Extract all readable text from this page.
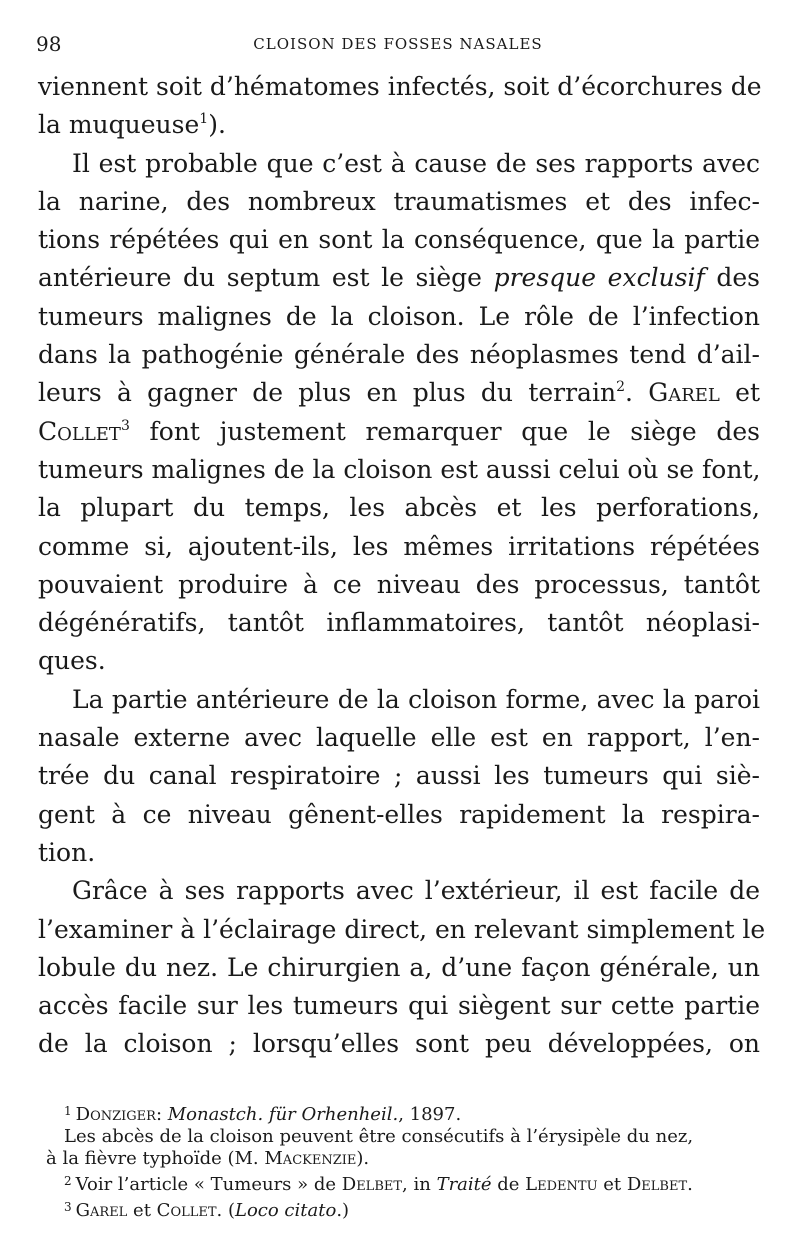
98	CLOISON DES FOSSES NASALES

viennent soit d’hématomes infectés, soit d’écorchures de
la muqueuse$^1$).

Il est probable que c’est à cause de ses rapports avec
la narine, des nombreux traumatismes et des infec-
tions répétées qui en sont la conséquence, que la partie
antérieure du septum est le siège presque exclusif des
tumeurs malignes de la cloison. Le rôle de l’infection
dans la pathogénie générale des néoplasmes tend d’ail-
leurs à gagner de plus en plus du terrain$^2$. Garel et
Collet$^3$ font justement remarquer que le siège des
tumeurs malignes de la cloison est aussi celui où se font,
la plupart du temps, les abcès et les perforations,
comme si, ajoutent-ils, les mêmes irritations répétées
pouvaient produire à ce niveau des processus, tantôt
dégénératifs, tantôt inflammatoires, tantôt néoplasi-
ques.

La partie antérieure de la cloison forme, avec la paroi
nasale externe avec laquelle elle est en rapport, l’en-
trée du canal respiratoire ; aussi les tumeurs qui siè-
gent à ce niveau gênent-elles rapidement la respira-
tion.

Grâce à ses rapports avec l’extérieur, il est facile de
l’examiner à l’éclairage direct, en relevant simplement le
lobule du nez. Le chirurgien a, d’une façon générale, un
accès facile sur les tumeurs qui siègent sur cette partie
de la cloison ; lorsqu’elles sont peu développées, on

$^1$ Donziger: Monastch. für Orhenheil., 1897.
Les abcès de la cloison peuvent être consécutifs à l’érysipèle du nez,
à la fièvre typhoïde (M. Mackenzie).
$^2$ Voir l’article « Tumeurs » de Delbet, in Traité de Ledentu et Delbet.
$^3$ Garel et Collet. (Loco citato.)
